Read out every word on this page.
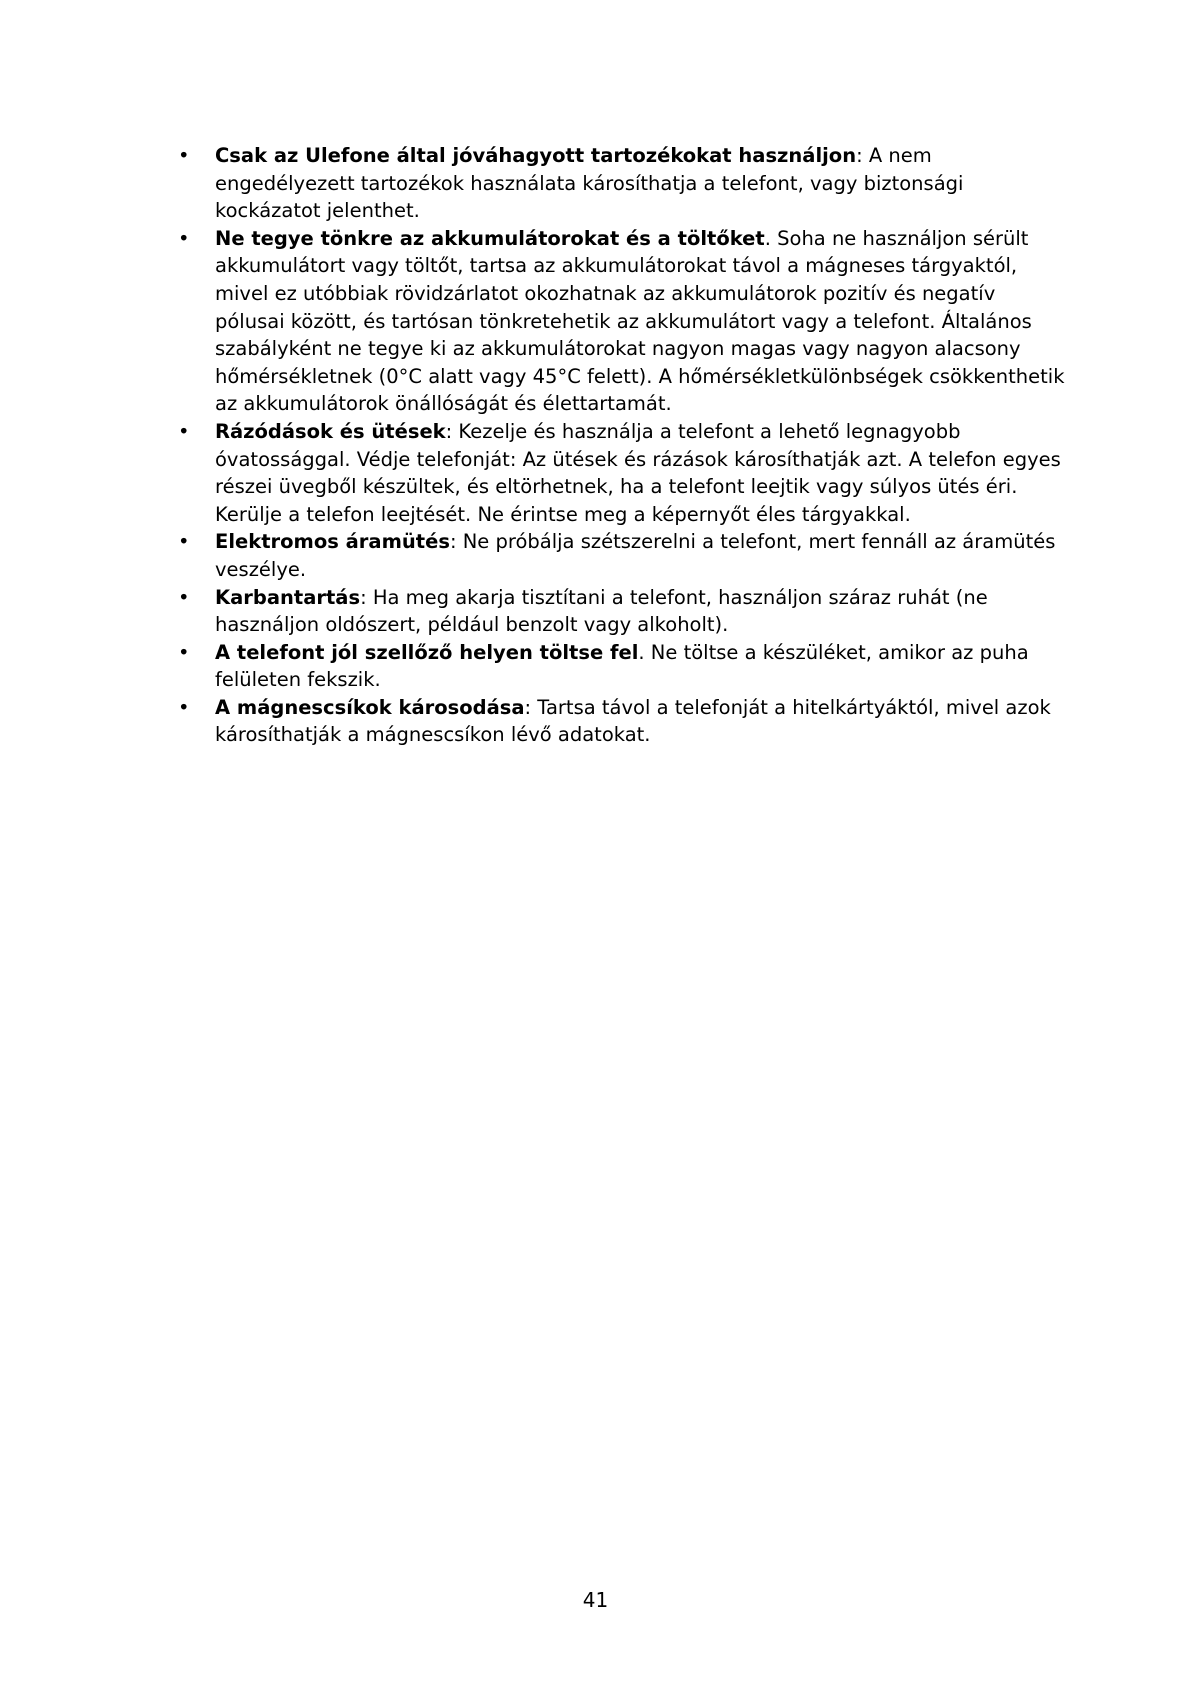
• Csak az Ulefone által jóváhagyott tartozékokat használjon: A nem engedélyezett tartozékok használata károsíthatja a telefont, vagy biztonsági kockázatot jelenthet.
• Ne tegye tönkre az akkumulátorokat és a töltőket. Soha ne használjon sérült akkumulátort vagy töltőt, tartsa az akkumulátorokat távol a mágneses tárgyaktól, mivel ez utóbbiak rövidzárlatot okozhatnak az akkumulátorok pozitív és negatív pólusai között, és tartósan tönkretehetik az akkumulátort vagy a telefont. Általános szabályként ne tegye ki az akkumulátorokat nagyon magas vagy nagyon alacsony hőmérsékletnek (0°C alatt vagy 45°C felett). A hőmérsékletkülönbségek csökkenthetik az akkumulátorok önállóságát és élettartamát.
• Rázódások és ütések: Kezelje és használja a telefont a lehető legnagyobb óvatossággal. Védje telefonját: Az ütések és rázások károsíthatják azt. A telefon egyes részei üvegből készültek, és eltörhetnek, ha a telefont leejtik vagy súlyos ütés éri. Kerülje a telefon leejtését. Ne érintse meg a képernyőt éles tárgyakkal.
• Elektromos áramütés: Ne próbálja szétszerelni a telefont, mert fennáll az áramütés veszélye.
• Karbantartás: Ha meg akarja tisztítani a telefont, használjon száraz ruhát (ne használjon oldószert, például benzolt vagy alkoholt).
• A telefont jól szellőző helyen töltse fel. Ne töltse a készüléket, amikor az puha felületen fekszik.
• A mágnescsíkok károsodása: Tartsa távol a telefonját a hitelkártyáktól, mivel azok károsíthatják a mágnescsíkon lévő adatokat.
41
